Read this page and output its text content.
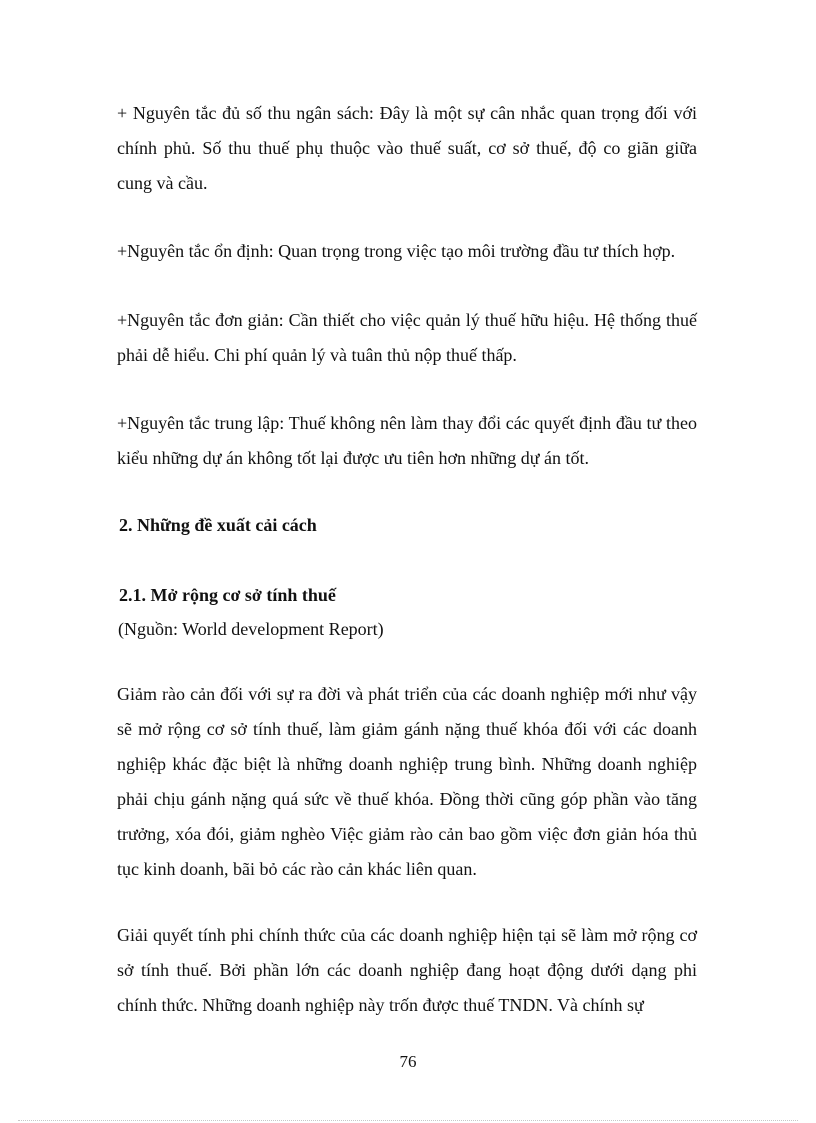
+ Nguyên tắc đủ số thu ngân sách: Đây là một sự cân nhắc quan trọng đối với chính phủ. Số thu thuế phụ thuộc vào thuế suất, cơ sở thuế, độ co giãn giữa cung và cầu.

+Nguyên tắc ổn định: Quan trọng trong việc tạo môi trường đầu tư thích hợp.

+Nguyên tắc đơn giản: Cần thiết cho việc quản lý thuế hữu hiệu. Hệ thống thuế phải dễ hiểu. Chi phí quản lý và tuân thủ nộp thuế thấp.

+Nguyên tắc trung lập: Thuế không nên làm thay đổi các quyết định đầu tư theo kiểu những dự án không tốt lại được ưu tiên hơn những dự án tốt.

2. Những đề xuất cải cách
2.1. Mở rộng cơ sở tính thuế

(Nguồn: World development Report)

Giảm rào cản đối với sự ra đời và phát triển của các doanh nghiệp mới như vậy sẽ mở rộng cơ sở tính thuế, làm giảm gánh nặng thuế khóa đối với các doanh nghiệp khác đặc biệt là những doanh nghiệp trung bình. Những doanh nghiệp phải chịu gánh nặng quá sức về thuế khóa. Đồng thời cũng góp phần vào tăng trưởng, xóa đói, giảm nghèo Việc giảm rào cản bao gồm việc đơn giản hóa thủ tục kinh doanh, bãi bỏ các rào cản khác liên quan.

Giải quyết tính phi chính thức của các doanh nghiệp hiện tại sẽ làm mở rộng cơ sở tính thuế. Bởi phần lớn các doanh nghiệp đang hoạt động dưới dạng phi chính thức. Những doanh nghiệp này trốn được thuế TNDN. Và chính sự

76
